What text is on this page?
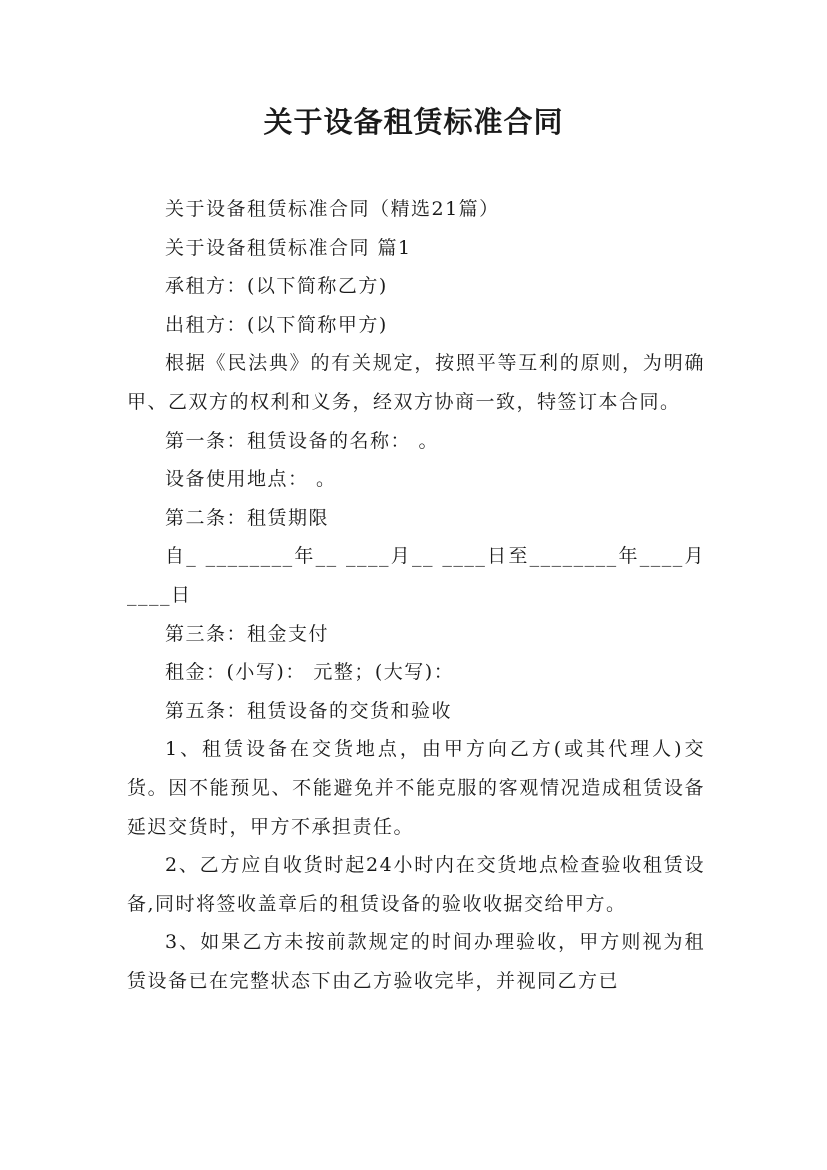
关于设备租赁标准合同

关于设备租赁标准合同（精选21篇）

关于设备租赁标准合同 篇1

承租方：(以下简称乙方)

出租方：(以下简称甲方)

根据《民法典》的有关规定，按照平等互利的原则，为明确甲、乙双方的权利和义务，经双方协商一致，特签订本合同。

第一条：租赁设备的名称： 。

设备使用地点： 。

第二条：租赁期限

自_ ________年__ ____月__ ____日至________年____月____日

第三条：租金支付

租金：(小写)： 元整；(大写)：

第五条：租赁设备的交货和验收

1、租赁设备在交货地点，由甲方向乙方(或其代理人)交货。因不能预见、不能避免并不能克服的客观情况造成租赁设备延迟交货时，甲方不承担责任。

2、乙方应自收货时起24小时内在交货地点检查验收租赁设备,同时将签收盖章后的租赁设备的验收收据交给甲方。

3、如果乙方未按前款规定的时间办理验收，甲方则视为租赁设备已在完整状态下由乙方验收完毕，并视同乙方已
